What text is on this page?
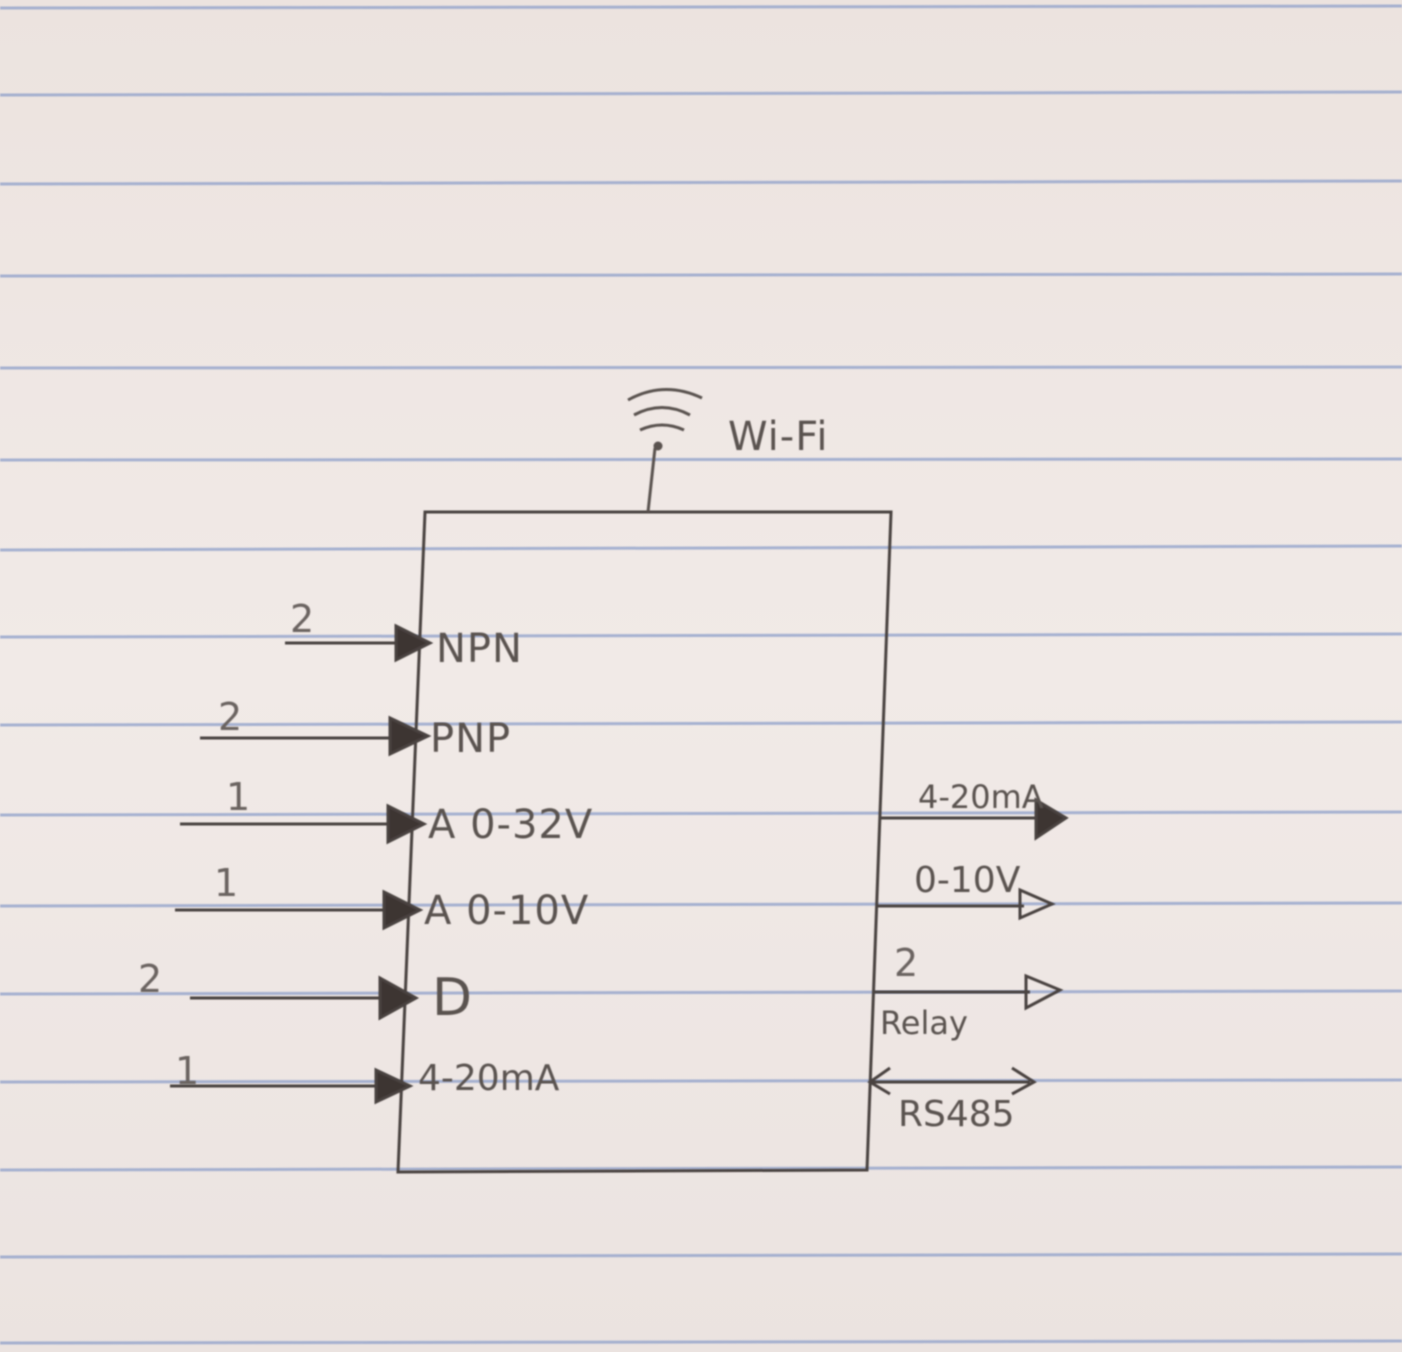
Wi-Fi
2
2
1
1
2
1
NPN
PNP
A 0-32V
A 0-10V
D
4-20mA
4-20mA
0-10V
2
Relay
RS485
